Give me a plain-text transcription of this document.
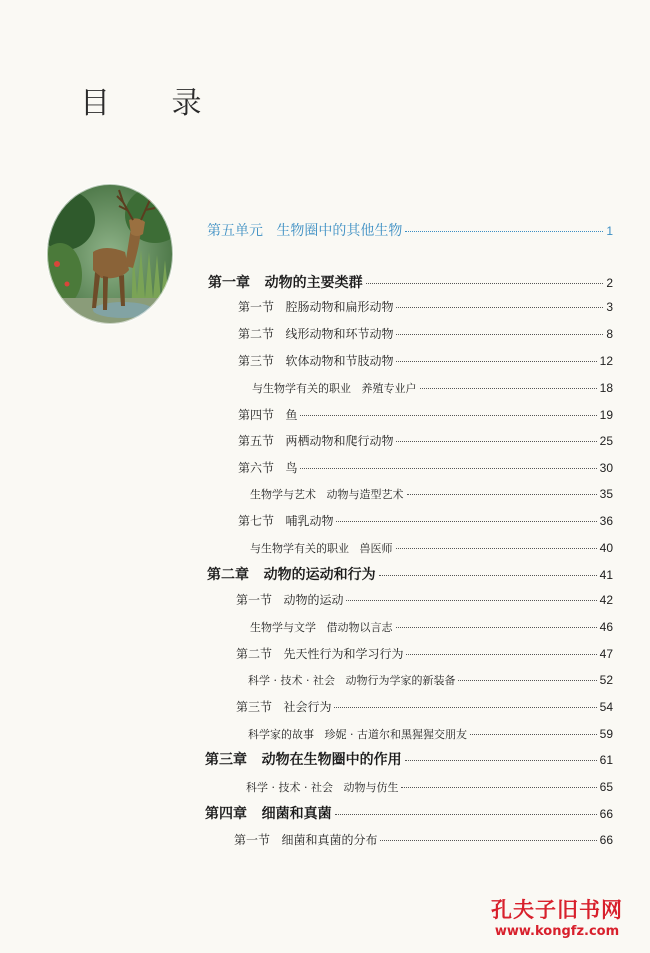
目 录
第五单元   生物圈中的其他生物	1
第一章   动物的主要类群	2
第一节   腔肠动物和扁形动物	3
第二节   线形动物和环节动物	8
第三节   软体动物和节肢动物	12
与生物学有关的职业   养殖专业户	18
第四节   鱼	19
第五节   两栖动物和爬行动物	25
第六节   鸟	30
生物学与艺术   动物与造型艺术	35
第七节   哺乳动物	36
与生物学有关的职业   兽医师	40
第二章   动物的运动和行为	41
第一节   动物的运动	42
生物学与文学   借动物以言志	46
第二节   先天性行为和学习行为	47
科学 · 技术 · 社会   动物行为学家的新装备	52
第三节   社会行为	54
科学家的故事   珍妮 · 古道尔和黑猩猩交朋友	59
第三章   动物在生物圈中的作用	61
科学 · 技术 · 社会   动物与仿生	65
第四章   细菌和真菌	66
第一节   细菌和真菌的分布	66
孔夫子旧书网
www.kongfz.com
